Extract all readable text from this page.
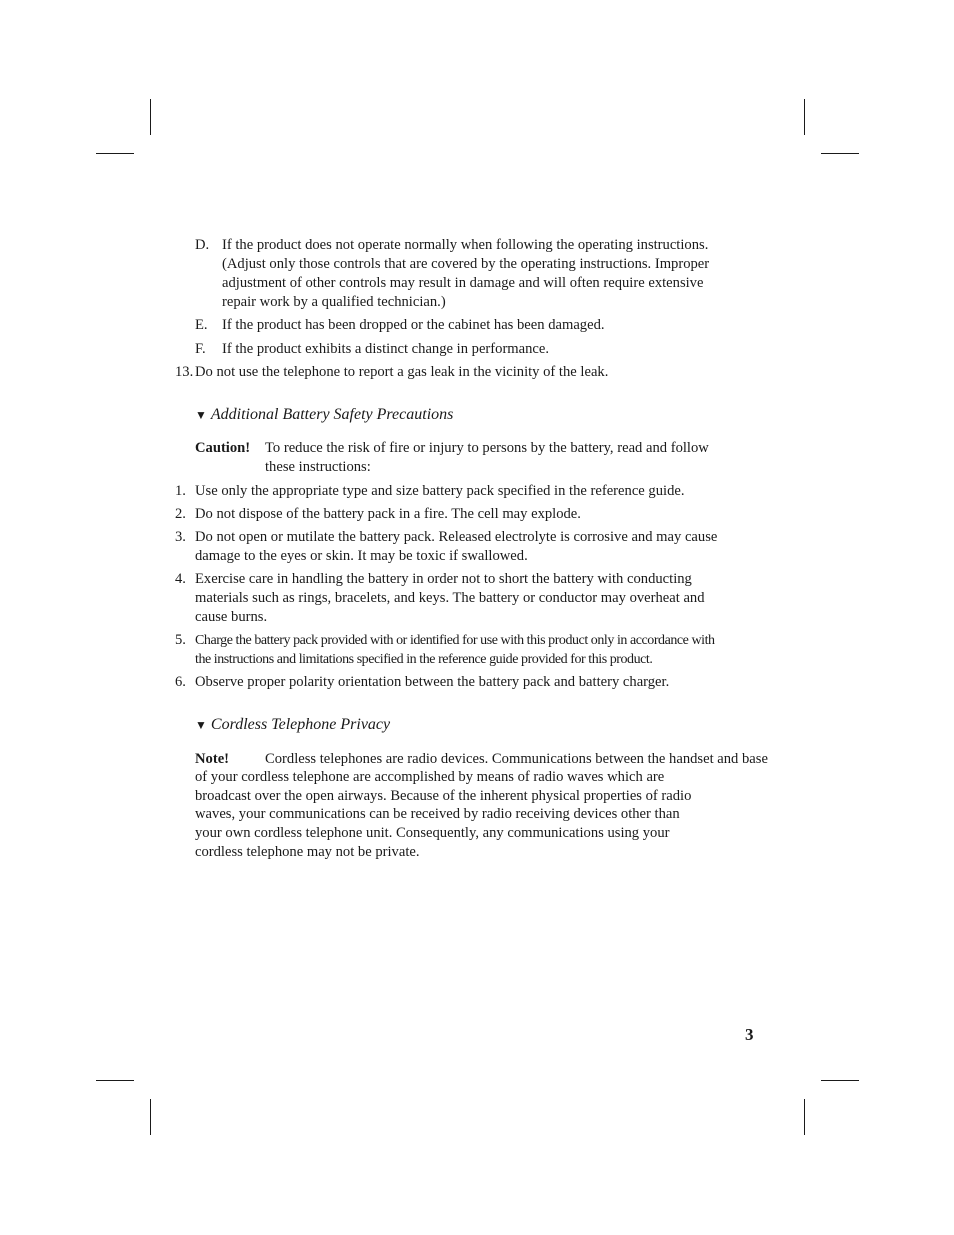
D. If the product does not operate normally when following the operating instructions.
(Adjust only those controls that are covered by the operating instructions. Improper
adjustment of other controls may result in damage and will often require extensive
repair work by a qualified technician.)
E. If the product has been dropped or the cabinet has been damaged.
F. If the product exhibits a distinct change in performance.
13. Do not use the telephone to report a gas leak in the vicinity of the leak.
▼ Additional Battery Safety Precautions
Caution! To reduce the risk of fire or injury to persons by the battery, read and follow
these instructions:
1. Use only the appropriate type and size battery pack specified in the reference guide.
2. Do not dispose of the battery pack in a fire. The cell may explode.
3. Do not open or mutilate the battery pack. Released electrolyte is corrosive and may cause
damage to the eyes or skin. It may be toxic if swallowed.
4. Exercise care in handling the battery in order not to short the battery with conducting
materials such as rings, bracelets, and keys. The battery or conductor may overheat and
cause burns.
5. Charge the battery pack provided with or identified for use with this product only in accordance with
the instructions and limitations specified in the reference guide provided for this product.
6. Observe proper polarity orientation between the battery pack and battery charger.
▼ Cordless Telephone Privacy
Note! Cordless telephones are radio devices. Communications between the handset and base
of your cordless telephone are accomplished by means of radio waves which are
broadcast over the open airways. Because of the inherent physical properties of radio
waves, your communications can be received by radio receiving devices other than
your own cordless telephone unit. Consequently, any communications using your
cordless telephone may not be private.
3
